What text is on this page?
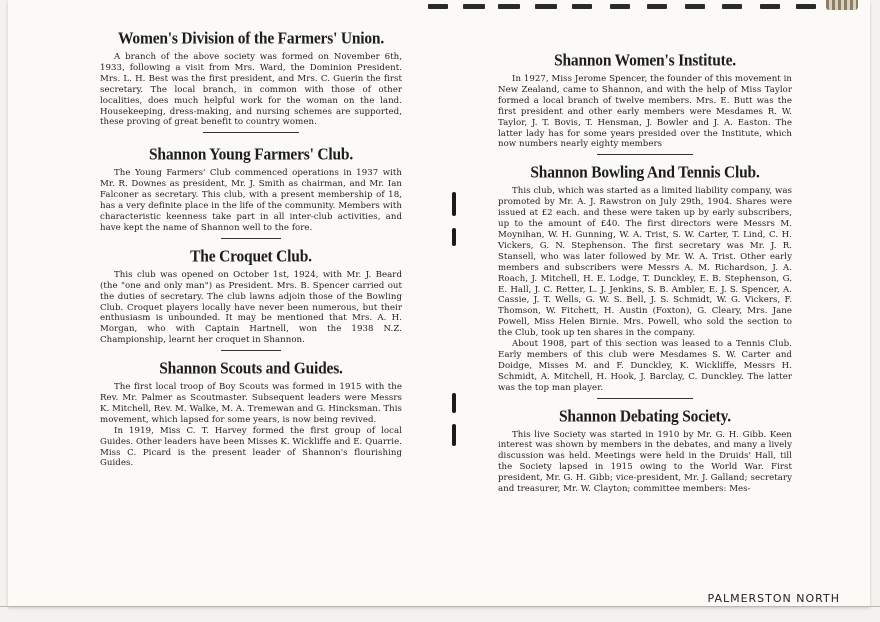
Women's Division of the Farmers' Union.

A branch of the above society was formed on November 6th, 1933, following a visit from Mrs. Ward, the Dominion President. Mrs. L. H. Best was the first president, and Mrs. C. Guerin the first secretary. The local branch, in common with those of other localities, does much helpful work for the woman on the land. Housekeeping, dress-making, and nursing schemes are supported, these proving of great benefit to country women.

Shannon Young Farmers' Club.

The Young Farmers' Club commenced operations in 1937 with Mr. R. Downes as president, Mr. J. Smith as chairman, and Mr. Ian Falconer as secretary. This club, with a present membership of 18, has a very definite place in the life of the community. Members with characteristic keenness take part in all inter-club activities, and have kept the name of Shannon well to the fore.

The Croquet Club.

This club was opened on October 1st, 1924, with Mr. J. Beard (the "one and only man") as President. Mrs. B. Spencer carried out the duties of secretary. The club lawns adjoin those of the Bowling Club. Croquet players locally have never been numerous, but their enthusiasm is unbounded. It may be mentioned that Mrs. A. H. Morgan, who with Captain Hartnell, won the 1938 N.Z. Championship, learnt her croquet in Shannon.

Shannon Scouts and Guides.

The first local troop of Boy Scouts was formed in 1915 with the Rev. Mr. Palmer as Scoutmaster. Subsequent leaders were Messrs K. Mitchell, Rev. M. Walke, M. A. Tremewan and G. Hincksman. This movement, which lapsed for some years, is now being revived.

In 1919, Miss C. T. Harvey formed the first group of local Guides. Other leaders have been Misses K. Wickliffe and E. Quarrie. Miss C. Picard is the present leader of Shannon's flourishing Guides.

Shannon Women's Institute.

In 1927, Miss Jerome Spencer, the founder of this movement in New Zealand, came to Shannon, and with the help of Miss Taylor formed a local branch of twelve members. Mrs. E. Butt was the first president and other early members were Mesdames R. W. Taylor, J. T. Bovis, T. Hensman, J. Bowler and J. A. Easton. The latter lady has for some years presided over the Institute, which now numbers nearly eighty members

Shannon Bowling And Tennis Club.

This club, which was started as a limited liability company, was promoted by Mr. A. J. Rawstron on July 29th, 1904. Shares were issued at £2 each. and these were taken up by early subscribers, up to the amount of £40. The first directors were Messrs M. Moynihan, W. H. Gunning, W. A. Trist, S. W. Carter, T. Lind, C. H. Vickers, G. N. Stephenson. The first secretary was Mr. J. R. Stansell, who was later followed by Mr. W. A. Trist. Other early members and subscribers were Messrs A. M. Richardson, J. A. Roach, J. Mitchell, H. E. Lodge, T. Dunckley, E. B. Stephenson, G. E. Hall, J. C. Retter, L. J. Jenkins, S. B. Ambler, E. J. S. Spencer, A. Cassie, J. T. Wells, G. W. S. Bell, J. S. Schmidt, W. G. Vickers, F. Thomson, W. Fitchett, H. Austin (Foxton), G. Cleary, Mrs. Jane Powell, Miss Helen Birnie. Mrs. Powell, who sold the section to the Club, took up ten shares in the company.

About 1908, part of this section was leased to a Tennis Club. Early members of this club were Mesdames S. W. Carter and Doidge, Misses M. and F. Dunckley, K. Wickliffe, Messrs H. Schmidt, A. Mitchell, H. Hook, J. Barclay, C. Dunckley. The latter was the top man player.

Shannon Debating Society.

This live Society was started in 1910 by Mr. G. H. Gibb. Keen interest was shown by members in the debates, and many a lively discussion was held. Meetings were held in the Druids' Hall, till the Society lapsed in 1915 owing to the World War. First president, Mr. G. H. Gibb; vice-president, Mr. J. Galland; secretary and treasurer, Mr. W. Clayton; committee members: Mes-

PALMERSTON NORTH
